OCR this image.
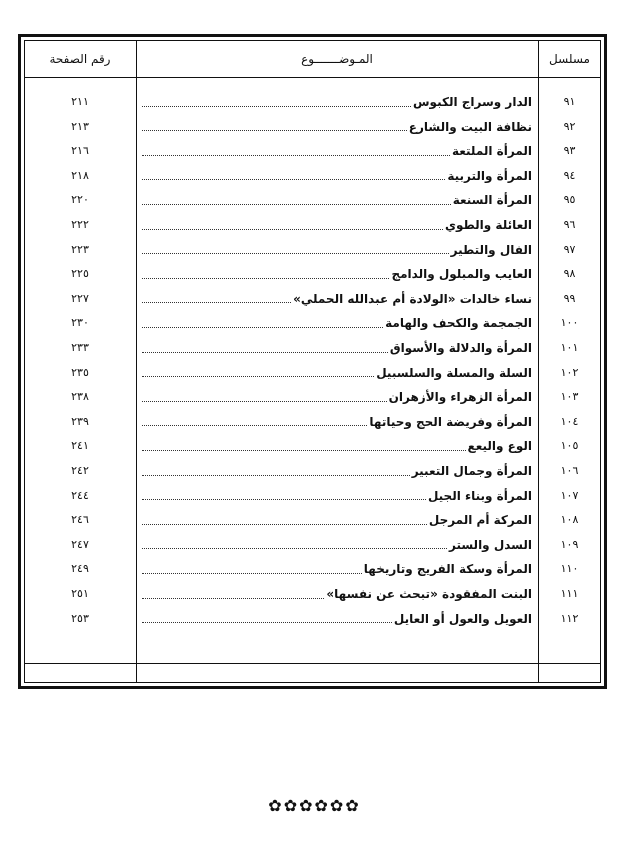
مسلسل
المـوضـــــــوع
رقم الصفحة
٩١
الدار وسراج الكبوس
٢١١
٩٢
نظافة البيت والشارع
٢١٣
٩٣
المرأة الملتعة
٢١٦
٩٤
المرأة والتربية
٢١٨
٩٥
المرأة السنعة
٢٢٠
٩٦
العائلة والطوي
٢٢٢
٩٧
الفال والتطير
٢٢٣
٩٨
العايب والمبلول والدامج
٢٢٥
٩٩
نساء خالدات «الولادة أم عبدالله الحملي»
٢٢٧
١٠٠
الجمجمة والكحف والهامة
٢٣٠
١٠١
المرأة والدلالة والأسواق
٢٣٣
١٠٢
السلة والمسلة والسلسبيل
٢٣٥
١٠٣
المرأة الزهراء والأزهران
٢٣٨
١٠٤
المرأة وفريضة الحج وحياتها
٢٣٩
١٠٥
الوع واليعع
٢٤١
١٠٦
المرأة وجمال التعبير
٢٤٢
١٠٧
المرأة وبناء الجيل
٢٤٤
١٠٨
المركة أم المرجل
٢٤٦
١٠٩
السدل والستر
٢٤٧
١١٠
المرأة وسكة الفريج وتاريخها
٢٤٩
١١١
البنت المفقودة «تبحث عن نفسها»
٢٥١
١١٢
العويل والعول أو العايل
٢٥٣
✿✿✿✿✿✿
